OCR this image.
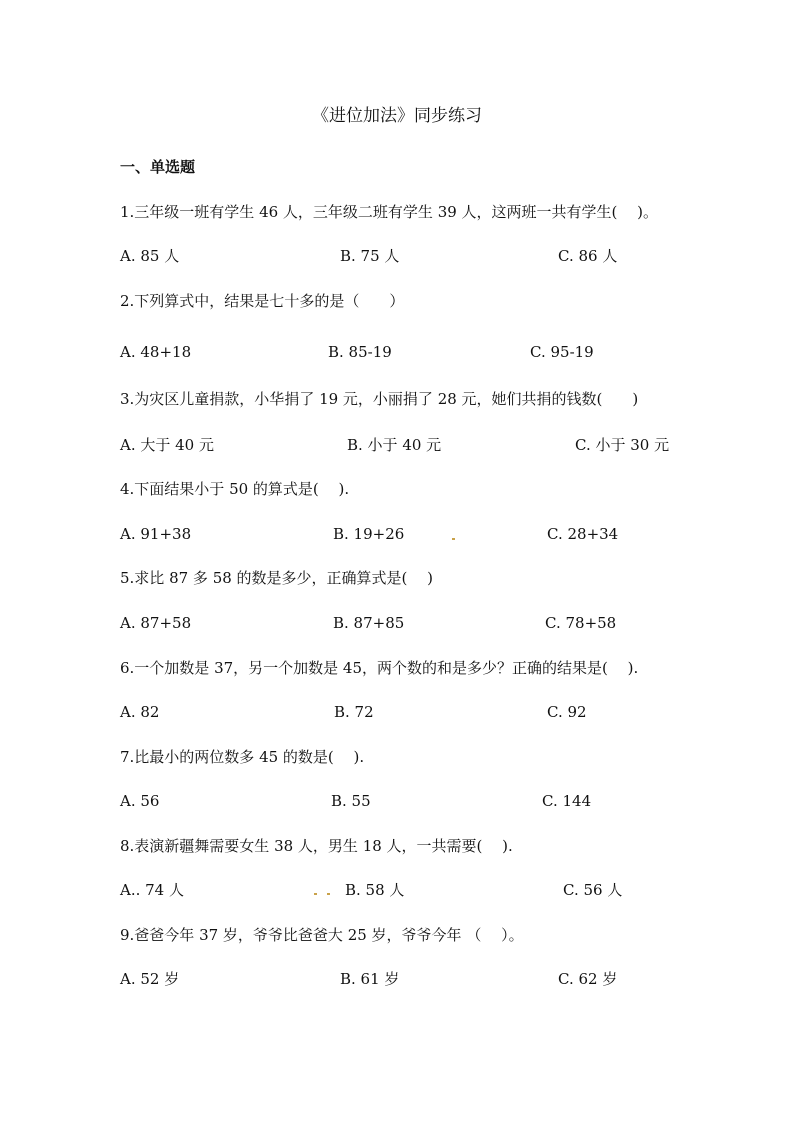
《进位加法》同步练习
一、单选题
1.三年级一班有学生 46 人，三年级二班有学生 39 人，这两班一共有学生(　 )。
A. 85 人	B. 75 人	C. 86 人
2.下列算式中，结果是七十多的是（　　）
A. 48+18	B. 85-19	C. 95-19
3.为灾区儿童捐款，小华捐了 19 元，小丽捐了 28 元，她们共捐的钱数(　　)
A. 大于 40 元	B. 小于 40 元	C. 小于 30 元
4.下面结果小于 50 的算式是(　 ).
A. 91+38	B. 19+26	C. 28+34
5.求比 87 多 58 的数是多少，正确算式是(　 )
A. 87+58	B. 87+85	C. 78+58
6.一个加数是 37，另一个加数是 45，两个数的和是多少？正确的结果是(　 ).
A. 82	B. 72	C. 92
7.比最小的两位数多 45 的数是(　 ).
A. 56	B. 55	C. 144
8.表演新疆舞需要女生 38 人，男生 18 人，一共需要(　 ).
A.. 74 人	B. 58 人	C. 56 人
9.爸爸今年 37 岁，爷爷比爸爸大 25 岁，爷爷今年 （　 ）。
A. 52 岁	B. 61 岁	C. 62 岁
